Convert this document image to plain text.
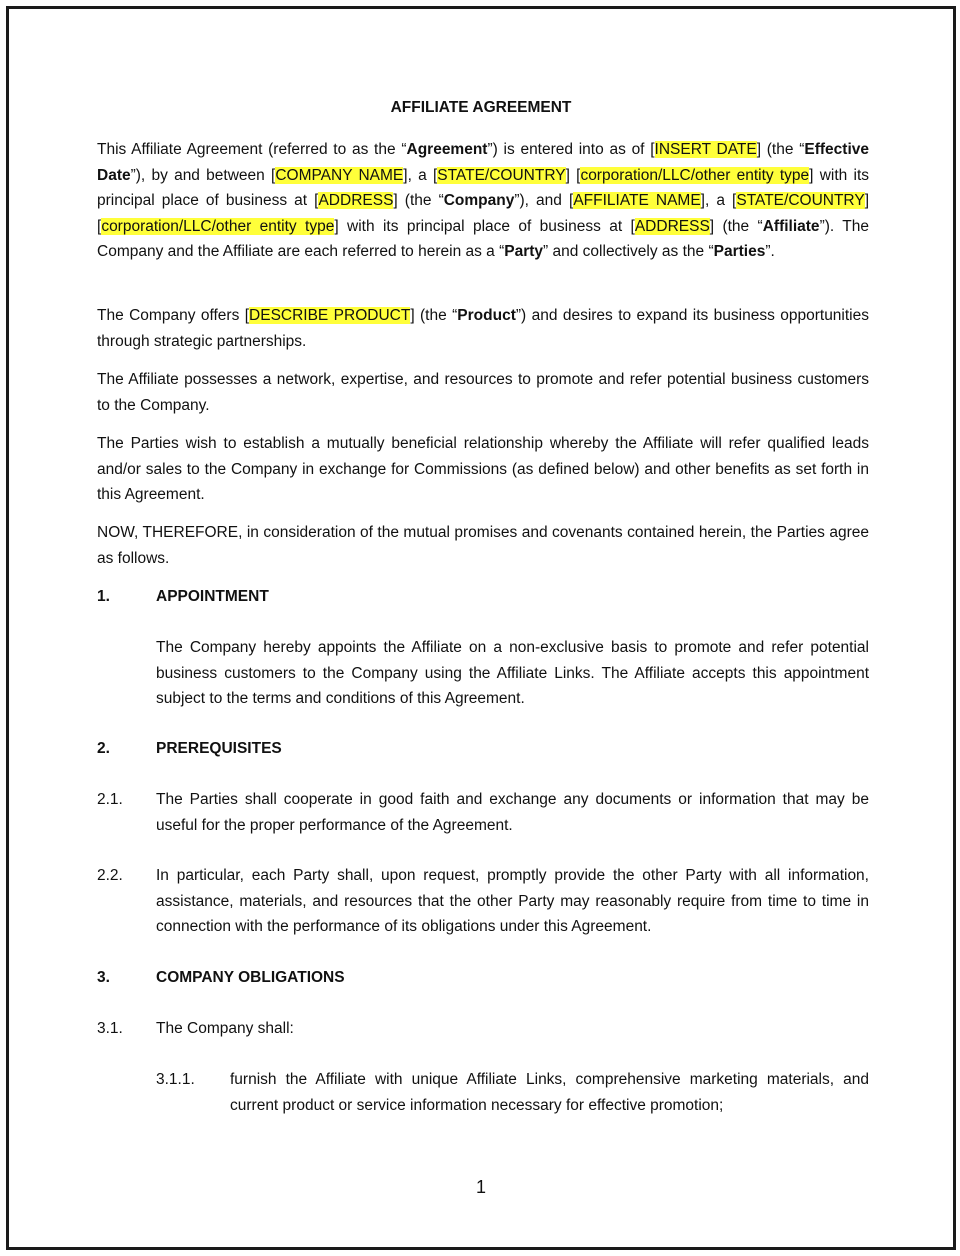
AFFILIATE AGREEMENT
This Affiliate Agreement (referred to as the “Agreement”) is entered into as of [INSERT DATE] (the “Effective Date”), by and between [COMPANY NAME], a [STATE/COUNTRY] [corporation/LLC/other entity type] with its principal place of business at [ADDRESS] (the “Company”), and [AFFILIATE NAME], a [STATE/COUNTRY] [corporation/LLC/other entity type] with its principal place of business at [ADDRESS] (the “Affiliate”). The Company and the Affiliate are each referred to herein as a “Party” and collectively as the “Parties”.
The Company offers [DESCRIBE PRODUCT] (the “Product”) and desires to expand its business opportunities through strategic partnerships.
The Affiliate possesses a network, expertise, and resources to promote and refer potential business customers to the Company.
The Parties wish to establish a mutually beneficial relationship whereby the Affiliate will refer qualified leads and/or sales to the Company in exchange for Commissions (as defined below) and other benefits as set forth in this Agreement.
NOW, THEREFORE, in consideration of the mutual promises and covenants contained herein, the Parties agree as follows.
1.	APPOINTMENT
The Company hereby appoints the Affiliate on a non-exclusive basis to promote and refer potential business customers to the Company using the Affiliate Links. The Affiliate accepts this appointment subject to the terms and conditions of this Agreement.
2.	PREREQUISITES
2.1. The Parties shall cooperate in good faith and exchange any documents or information that may be useful for the proper performance of the Agreement.
2.2. In particular, each Party shall, upon request, promptly provide the other Party with all information, assistance, materials, and resources that the other Party may reasonably require from time to time in connection with the performance of its obligations under this Agreement.
3.	COMPANY OBLIGATIONS
3.1. The Company shall:
3.1.1. furnish the Affiliate with unique Affiliate Links, comprehensive marketing materials, and current product or service information necessary for effective promotion;
1
